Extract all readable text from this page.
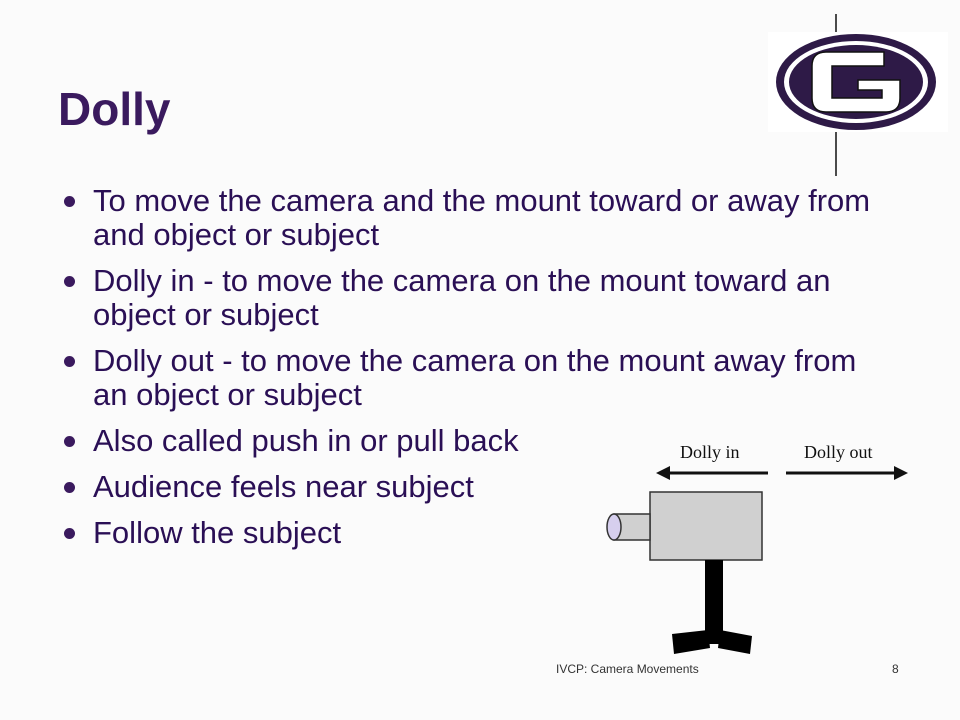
Dolly
To move the camera and the mount toward or away from and object or subject
Dolly in - to move the camera on the mount toward an object or subject
Dolly out - to move the camera on the mount away from an object or subject
Also called push in or pull back
Audience feels near subject
Follow the subject
Dolly in	Dolly out
IVCP: Camera Movements	8
